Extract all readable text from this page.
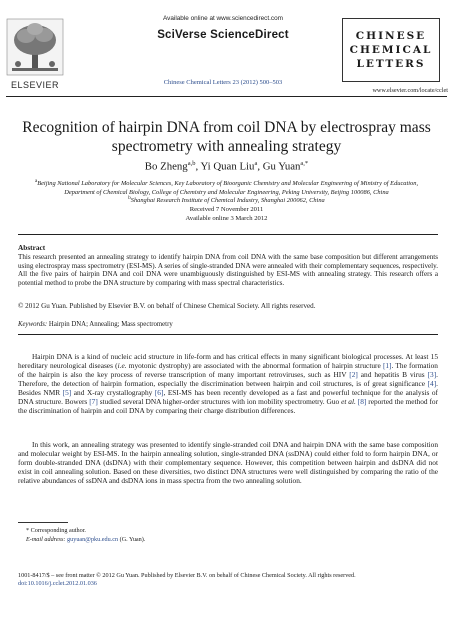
ELSEVIER
Available online at www.sciencedirect.com
SciVerse ScienceDirect
Chinese Chemical Letters 23 (2012) 500–503
CHINESE
CHEMICAL
LETTERS
www.elsevier.com/locate/cclet
Recognition of hairpin DNA from coil DNA by electrospray mass spectrometry with annealing strategy
Bo Zheng$^{a,b}$, Yi Quan Liu$^a$, Gu Yuan$^{a,*}$
$^a$Beijing National Laboratory for Molecular Sciences, Key Laboratory of Bioorganic Chemistry and Molecular Engineering of Ministry of Education, Department of Chemical Biology, College of Chemistry and Molecular Engineering, Peking University, Beijing 100086, China
$^b$Shanghai Research Institute of Chemical Industry, Shanghai 200062, China
Received 7 November 2011
Available online 3 March 2012
Abstract
This research presented an annealing strategy to identify hairpin DNA from coil DNA with the same base composition but different arrangements using electrospray mass spectrometry (ESI-MS). A series of single-stranded DNA were annealed with their complementary sequences, respectively. All the five pairs of hairpin DNA and coil DNA were unambiguously distinguished by ESI-MS with annealing strategy. This research offers a potential method to probe the DNA structure by comparing with mass spectral characteristics.
© 2012 Gu Yuan. Published by Elsevier B.V. on behalf of Chinese Chemical Society. All rights reserved.
Keywords: Hairpin DNA; Annealing; Mass spectrometry
Hairpin DNA is a kind of nucleic acid structure in life-form and has critical effects in many significant biological processes. At least 15 hereditary neurological diseases (i.e. myotonic dystrophy) are associated with the abnormal formation of hairpin structure [1]. The formation of the hairpin is also the key process of reverse transcription of many important retroviruses, such as HIV [2] and hepatitis B virus [3]. Therefore, the detection of hairpin formation, especially the discrimination between hairpin and coil structures, is of great significance [4]. Besides NMR [5] and X-ray crystallography [6], ESI-MS has been recently developed as a fast and powerful technique for the analysis of DNA structure. Bowers [7] studied several DNA higher-order structures with ion mobility spectrometry. Guo et al. [8] reported the method for the discrimination of hairpin and coil DNA by comparing their charge distribution differences.
In this work, an annealing strategy was presented to identify single-stranded coil DNA and hairpin DNA with the same base composition and molecular weight by ESI-MS. In the hairpin annealing solution, single-stranded DNA (ssDNA) could either fold to form hairpin DNA, or form double-stranded DNA (dsDNA) with their complementary sequence. However, this competition between hairpin and dsDNA did not exist in coil annealing solution. Based on these diversities, two distinct DNA structures were well distinguished by comparing the ratio of the relative abundances of ssDNA and dsDNA ions in mass spectra from the two annealing solution.
* Corresponding author.
E-mail address: guyuan@pku.edu.cn (G. Yuan).
1001-8417/$ – see front matter © 2012 Gu Yuan. Published by Elsevier B.V. on behalf of Chinese Chemical Society. All rights reserved.
doi:10.1016/j.cclet.2012.01.036
